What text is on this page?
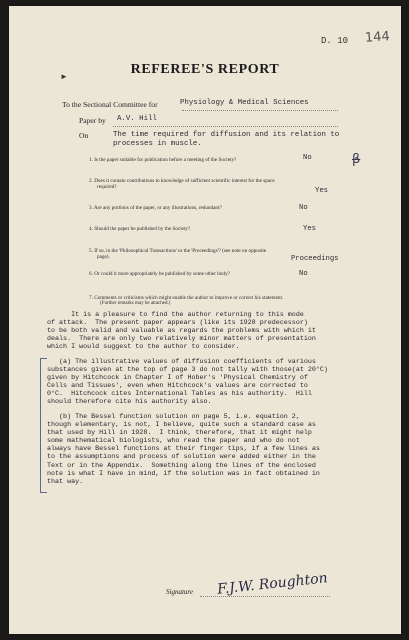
D. 10 144
►	REFEREE'S REPORT
To the Sectional Committee for	Physiology & Medical Sciences
Paper by A.V. Hill
On	The time required for diffusion and its relation to
processes in muscle.
1. Is the paper suitable for publication before a meeting of the Society?	No	β̶
2. Does it contain contributions to knowledge of sufficient scientific interest for the space
required?	Yes
3. Are any portions of the paper, or any illustrations, redundant?	No
4. Should the paper be published by the Society?	Yes
5. If so, in the 'Philosophical Transactions' or the 'Proceedings'? (see note on opposite
page).	Proceedings
6. Or could it more appropriately be published by some other body?	No
7. Comments or criticisms which might enable the author to improve or correct his statement.
(Further remarks may be attached.)
It is a pleasure to find the author returning to this mode
of attack.  The present paper appears (like its 1928 predecessor)
to be both valid and valuable as regards the problems with which it
deals.  There are only two relatively minor matters of presentation
which I would suggest to the author to consider.
(a) The illustrative values of diffusion coefficients of various
substances given at the top of page 3 do not tally with those(at 20°C)
given by Hitchcock in Chapter I of Hober's 'Physical Chemistry of
Cells and Tissues', even when Hitchcock's values are corrected to
0°C.  Hitchcock cites International Tables as his authority.  Hill
should therefore cite his authority also.
(b) The Bessel function solution on page 5, i.e. equation 2,
though elementary, is not, I believe, quite such a standard case as
that used by Hill in 1928.  I think, therefore, that it might help
some mathematical biologists, who read the paper and who do not
always have Bessel functions at their finger tips, if a few lines as
to the assumptions and process of solution were added either in the
Text or in the Appendix.  Something along the lines of the enclosed
note is what I have in mind, if the solution was in fact obtained in
that way.
Signature F.J.W. Roughton
